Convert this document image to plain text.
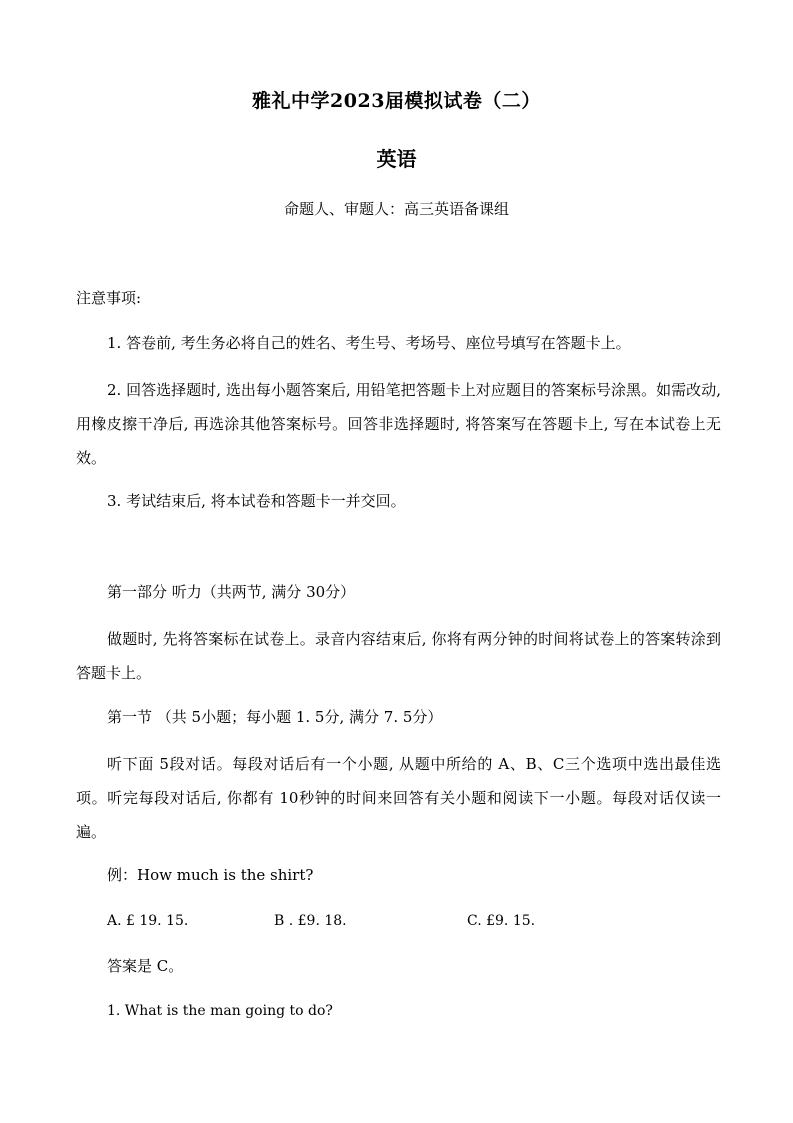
雅礼中学2023届模拟试卷（二）
英语
命题人、审题人：高三英语备课组
注意事项:
1. 答卷前, 考生务必将自己的姓名、考生号、考场号、座位号填写在答题卡上。
2. 回答选择题时, 选出每小题答案后, 用铅笔把答题卡上对应题目的答案标号涂黑。如需改动, 用橡皮擦干净后, 再选涂其他答案标号。回答非选择题时, 将答案写在答题卡上, 写在本试卷上无效。
3. 考试结束后, 将本试卷和答题卡一并交回。
第一部分 听力（共两节, 满分 30分）
做题时, 先将答案标在试卷上。录音内容结束后, 你将有两分钟的时间将试卷上的答案转涂到答题卡上。
第一节 （共 5小题；每小题 1. 5分, 满分 7. 5分）
听下面 5段对话。每段对话后有一个小题, 从题中所给的 A、B、C三个选项中选出最佳选项。听完每段对话后, 你都有 10秒钟的时间来回答有关小题和阅读下一小题。每段对话仅读一遍。
例：How much is the shirt?
A. £ 19. 15.	B . £9. 18.	C. £9. 15.
答案是 C。
1. What is the man going to do?
